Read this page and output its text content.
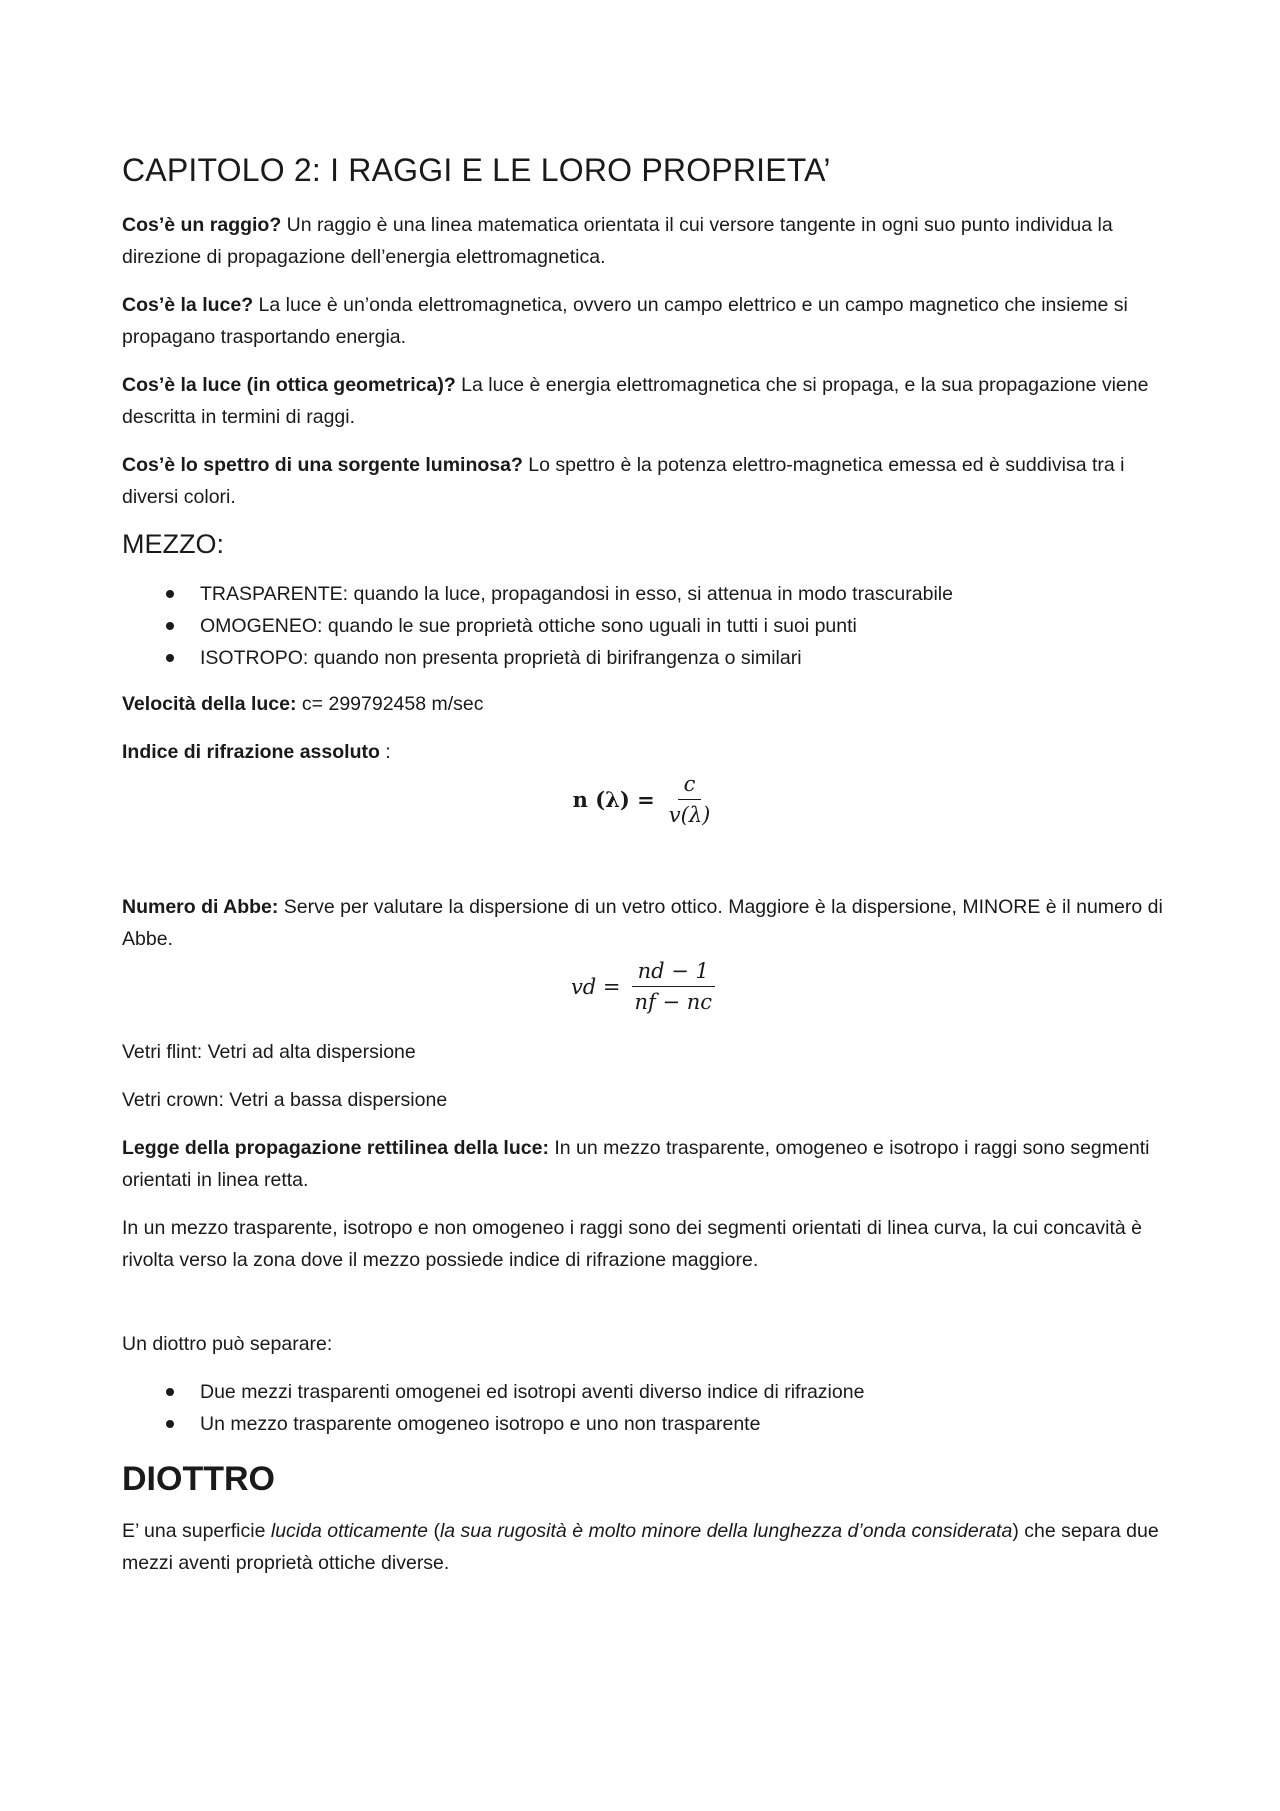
CAPITOLO 2: I RAGGI E LE LORO PROPRIETA’

Cos’è un raggio? Un raggio è una linea matematica orientata il cui versore tangente in ogni suo punto individua la direzione di propagazione dell’energia elettromagnetica.

Cos’è la luce? La luce è un’onda elettromagnetica, ovvero un campo elettrico e un campo magnetico che insieme si propagano trasportando energia.

Cos’è la luce (in ottica geometrica)? La luce è energia elettromagnetica che si propaga, e la sua propagazione viene descritta in termini di raggi.

Cos’è lo spettro di una sorgente luminosa? Lo spettro è la potenza elettro-magnetica emessa ed è suddivisa tra i diversi colori.

MEZZO:
TRASPARENTE: quando la luce, propagandosi in esso, si attenua in modo trascurabile
OMOGENEO: quando le sue proprietà ottiche sono uguali in tutti i suoi punti
ISOTROPO: quando non presenta proprietà di birifrangenza o similari

Velocità della luce: c= 299792458 m/sec

Indice di rifrazione assoluto :

n $(\lambda) = \frac{c}{v(\lambda)}$

Numero di Abbe: Serve per valutare la dispersione di un vetro ottico. Maggiore è la dispersione, MINORE è il numero di Abbe.

vd = $\frac{nd - 1}{nf - nc}$

Vetri flint: Vetri ad alta dispersione

Vetri crown: Vetri a bassa dispersione

Legge della propagazione rettilinea della luce: In un mezzo trasparente, omogeneo e isotropo i raggi sono segmenti orientati in linea retta.

In un mezzo trasparente, isotropo e non omogeneo i raggi sono dei segmenti orientati di linea curva, la cui concavità è rivolta verso la zona dove il mezzo possiede indice di rifrazione maggiore.

Un diottro può separare:

Due mezzi trasparenti omogenei ed isotropi aventi diverso indice di rifrazione
Un mezzo trasparente omogeneo isotropo e uno non trasparente
DIOTTRO

E’ una superficie lucida otticamente (la sua rugosità è molto minore della lunghezza d’onda considerata) che separa due mezzi aventi proprietà ottiche diverse.
